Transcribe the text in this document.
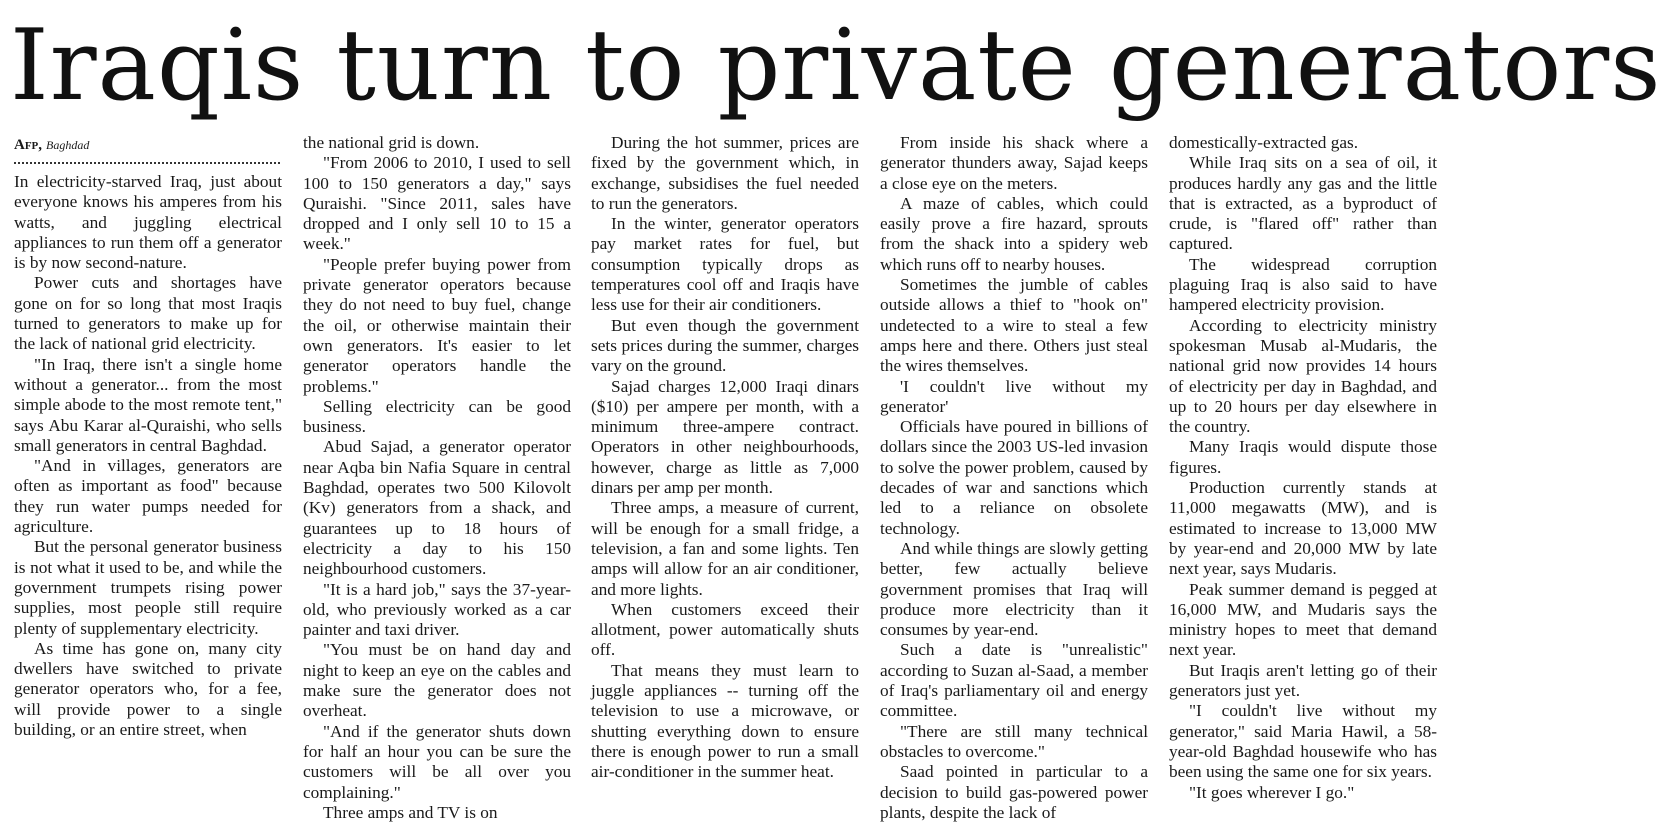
Iraqis turn to private generators
Afp, Baghdad

In electricity-starved Iraq, just about everyone knows his amperes from his watts, and juggling electrical appliances to run them off a generator is by now second-nature.

Power cuts and shortages have gone on for so long that most Iraqis turned to generators to make up for the lack of national grid electricity.

"In Iraq, there isn't a single home without a generator... from the most simple abode to the most remote tent," says Abu Karar al-Quraishi, who sells small generators in central Baghdad.

"And in villages, generators are often as important as food" because they run water pumps needed for agriculture.

But the personal generator business is not what it used to be, and while the government trumpets rising power supplies, most people still require plenty of supplementary electricity.

As time has gone on, many city dwellers have switched to private generator operators who, for a fee, will provide power to a single building, or an entire street, when

the national grid is down.

"From 2006 to 2010, I used to sell 100 to 150 generators a day," says Quraishi. "Since 2011, sales have dropped and I only sell 10 to 15 a week."

"People prefer buying power from private generator operators because they do not need to buy fuel, change the oil, or otherwise maintain their own generators. It's easier to let generator operators handle the problems."

Selling electricity can be good business.

Abud Sajad, a generator operator near Aqba bin Nafia Square in central Baghdad, operates two 500 Kilovolt (Kv) generators from a shack, and guarantees up to 18 hours of electricity a day to his 150 neighbourhood customers.

"It is a hard job," says the 37-year-old, who previously worked as a car painter and taxi driver.

"You must be on hand day and night to keep an eye on the cables and make sure the generator does not overheat.

"And if the generator shuts down for half an hour you can be sure the customers will be all over you complaining."

Three amps and TV is on

During the hot summer, prices are fixed by the government which, in exchange, subsidises the fuel needed to run the generators.

In the winter, generator operators pay market rates for fuel, but consumption typically drops as temperatures cool off and Iraqis have less use for their air conditioners.

But even though the government sets prices during the summer, charges vary on the ground.

Sajad charges 12,000 Iraqi dinars ($10) per ampere per month, with a minimum three-ampere contract. Operators in other neighbourhoods, however, charge as little as 7,000 dinars per amp per month.

Three amps, a measure of current, will be enough for a small fridge, a television, a fan and some lights. Ten amps will allow for an air conditioner, and more lights.

When customers exceed their allotment, power automatically shuts off.

That means they must learn to juggle appliances -- turning off the television to use a microwave, or shutting everything down to ensure there is enough power to run a small air-conditioner in the summer heat.

From inside his shack where a generator thunders away, Sajad keeps a close eye on the meters.

A maze of cables, which could easily prove a fire hazard, sprouts from the shack into a spidery web which runs off to nearby houses.

Sometimes the jumble of cables outside allows a thief to "hook on" undetected to a wire to steal a few amps here and there. Others just steal the wires themselves.

'I couldn't live without my generator'

Officials have poured in billions of dollars since the 2003 US-led invasion to solve the power problem, caused by decades of war and sanctions which led to a reliance on obsolete technology.

And while things are slowly getting better, few actually believe government promises that Iraq will produce more electricity than it consumes by year-end.

Such a date is "unrealistic" according to Suzan al-Saad, a member of Iraq's parliamentary oil and energy committee.

"There are still many technical obstacles to overcome."

Saad pointed in particular to a decision to build gas-powered power plants, despite the lack of

domestically-extracted gas.

While Iraq sits on a sea of oil, it produces hardly any gas and the little that is extracted, as a byproduct of crude, is "flared off" rather than captured.

The widespread corruption plaguing Iraq is also said to have hampered electricity provision.

According to electricity ministry spokesman Musab al-Mudaris, the national grid now provides 14 hours of electricity per day in Baghdad, and up to 20 hours per day elsewhere in the country.

Many Iraqis would dispute those figures.

Production currently stands at 11,000 megawatts (MW), and is estimated to increase to 13,000 MW by year-end and 20,000 MW by late next year, says Mudaris.

Peak summer demand is pegged at 16,000 MW, and Mudaris says the ministry hopes to meet that demand next year.

But Iraqis aren't letting go of their generators just yet.

"I couldn't live without my generator," said Maria Hawil, a 58-year-old Baghdad housewife who has been using the same one for six years.

"It goes wherever I go."
